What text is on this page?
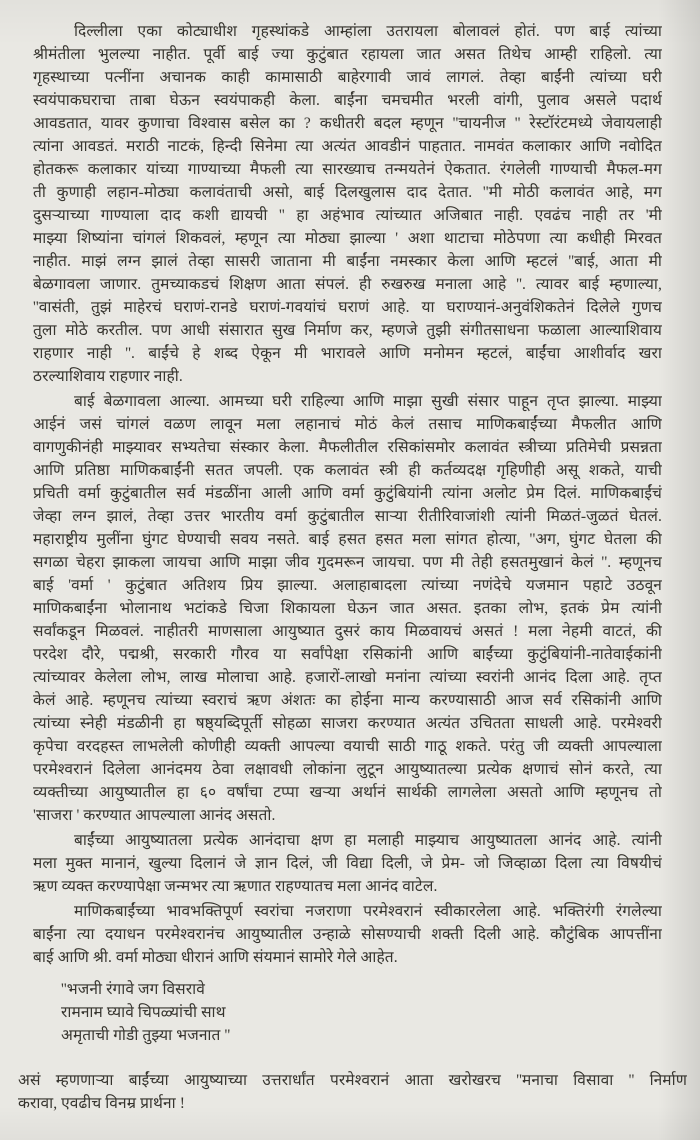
दिल्लीला एका कोट्याधीश गृहस्थांकडे आम्हांला उतरायला बोलावलं होतं. पण बाई त्यांच्या
श्रीमंतीला भुलल्या नाहीत. पूर्वी बाई ज्या कुटुंबात रहायला जात असत तिथेच आम्ही राहिलो. त्या
गृहस्थाच्या पत्नींना अचानक काही कामासाठी बाहेरगावी जावं लागलं. तेव्हा बाईंनी त्यांच्या घरी
स्वयंपाकघराचा ताबा घेऊन स्वयंपाकही केला. बाईंना चमचमीत भरली वांगी, पुलाव असले पदार्थ
आवडतात, यावर कुणाचा विश्वास बसेल का ? कधीतरी बदल म्हणून ''चायनीज '' रेस्टॉरंटमध्ये जेवायलाही
त्यांना आवडतं. मराठी नाटकं, हिन्दी सिनेमा त्या अत्यंत आवडीनं पाहतात. नामवंत कलाकार आणि नवोदित
होतकरू कलाकार यांच्या गाण्याच्या मैफली त्या सारख्याच तन्मयतेनं ऐकतात. रंगलेली गाण्याची मैफल-मग
ती कुणाही लहान-मोठ्या कलावंताची असो, बाई दिलखुलास दाद देतात. ''मी मोठी कलावंत आहे, मग
दुसऱ्याच्या गाण्याला दाद कशी द्यायची '' हा अहंभाव त्यांच्यात अजिबात नाही. एवढंच नाही तर 'मी
माझ्या शिष्यांना चांगलं शिकवलं, म्हणून त्या मोठ्या झाल्या ' अशा थाटाचा मोठेपणा त्या कधीही मिरवत
नाहीत. माझं लग्न झालं तेव्हा सासरी जाताना मी बाईंना नमस्कार केला आणि म्हटलं ''बाई, आता मी
बेळगावला जाणार. तुमच्याकडचं शिक्षण आता संपलं. ही रुखरुख मनाला आहे ''. त्यावर बाई म्हणाल्या,
''वासंती, तुझं माहेरचं घराणं-रानडे घराणं-गवयांचं घराणं आहे. या घराण्यानं-अनुवंशिकतेनं दिलेले गुणच
तुला मोठे करतील. पण आधी संसारात सुख निर्माण कर, म्हणजे तुझी संगीतसाधना फळाला आल्याशिवाय
राहणार नाही ''. बाईंचे हे शब्द ऐकून मी भारावले आणि मनोमन म्हटलं, बाईंचा आशीर्वाद खरा
ठरल्याशिवाय राहणार नाही.
बाई बेळगावला आल्या. आमच्या घरी राहिल्या आणि माझा सुखी संसार पाहून तृप्त झाल्या. माझ्या
आईनं जसं चांगलं वळण लावून मला लहानाचं मोठं केलं तसाच माणिकबाईंच्या मैफलीत आणि
वागणुकीनंही माझ्यावर सभ्यतेचा संस्कार केला. मैफलीतील रसिकांसमोर कलावंत स्त्रीच्या प्रतिमेची प्रसन्नता
आणि प्रतिष्ठा माणिकबाईंनी सतत जपली. एक कलावंत स्त्री ही कर्तव्यदक्ष गृहिणीही असू शकते, याची
प्रचिती वर्मा कुटुंबातील सर्व मंडळींना आली आणि वर्मा कुटुंबियांनी त्यांना अलोट प्रेम दिलं. माणिकबाईंचं
जेव्हा लग्न झालं, तेव्हा उत्तर भारतीय वर्मा कुटुंबातील साऱ्या रीतीरिवाजांशी त्यांनी मिळतं-जुळतं घेतलं.
महाराष्ट्रीय मुलींना घुंगट घेण्याची सवय नसते. बाई हसत हसत मला सांगत होत्या, ''अग, घुंगट घेतला की
सगळा चेहरा झाकला जायचा आणि माझा जीव गुदमरून जायचा. पण मी तेही हसतमुखानं केलं ''. म्हणूनच
बाई 'वर्मा ' कुटुंबात अतिशय प्रिय झाल्या. अलाहाबादला त्यांच्या नणंदेचे यजमान पहाटे उठवून
माणिकबाईंना भोलानाथ भटांकडे चिजा शिकायला घेऊन जात असत. इतका लोभ, इतकं प्रेम त्यांनी
सर्वांकडून मिळवलं. नाहीतरी माणसाला आयुष्यात दुसरं काय मिळवायचं असतं ! मला नेहमी वाटतं, की
परदेश दौरे, पद्मश्री, सरकारी गौरव या सर्वांपेक्षा रसिकांनी आणि बाईंच्या कुटुंबियांनी-नातेवाईकांनी
त्यांच्यावर केलेला लोभ, लाख मोलाचा आहे. हजारों-लाखो मनांना त्यांच्या स्वरांनी आनंद दिला आहे. तृप्त
केलं आहे. म्हणूनच त्यांच्या स्वराचं ऋण अंशतः का होईना मान्य करण्यासाठी आज सर्व रसिकांनी आणि
त्यांच्या स्नेही मंडळीनी हा षष्ठ्यब्दिपूर्ती सोहळा साजरा करण्यात अत्यंत उचितता साधली आहे. परमेश्वरी
कृपेचा वरदहस्त लाभलेली कोणीही व्यक्ती आपल्या वयाची साठी गाठू शकते. परंतु जी व्यक्ती आपल्याला
परमेश्वरानं दिलेला आनंदमय ठेवा लक्षावधी लोकांना लुटून आयुष्यातल्या प्रत्येक क्षणाचं सोनं करते, त्या
व्यक्तीच्या आयुष्यातील हा ६० वर्षांचा टप्पा खऱ्या अर्थानं सार्थकी लागलेला असतो आणि म्हणूनच तो
'साजरा ' करण्यात आपल्याला आनंद असतो.
बाईंच्या आयुष्यातला प्रत्येक आनंदाचा क्षण हा मलाही माझ्याच आयुष्यातला आनंद आहे. त्यांनी
मला मुक्त मानानं, खुल्या दिलानं जे ज्ञान दिलं, जी विद्या दिली, जे प्रेम- जो जिव्हाळा दिला त्या विषयीचं
ऋण व्यक्त करण्यापेक्षा जन्मभर त्या ऋणात राहण्यातच मला आनंद वाटेल.
माणिकबाईंच्या भावभक्तिपूर्ण स्वरांचा नजराणा परमेश्वरानं स्वीकारलेला आहे. भक्तिरंगी रंगलेल्या
बाईंना त्या दयाधन परमेश्वरानंच आयुष्यातील उन्हाळे सोसण्याची शक्ती दिली आहे. कौटुंबिक आपत्तींना
बाई आणि श्री. वर्मा मोठ्या धीरानं आणि संयमानं सामोरे गेले आहेत.
''भजनी रंगावे जग विसरावे
रामनाम घ्यावे चिपळ्यांची साथ
अमृताची गोडी तुझ्या भजनात ''
असं म्हणणाऱ्या बाईंच्या आयुष्याच्या उत्तरार्धांत परमेश्वरानं आता खरोखरच ''मनाचा विसावा '' निर्माण
करावा, एवढीच विनम्र प्रार्थना !
